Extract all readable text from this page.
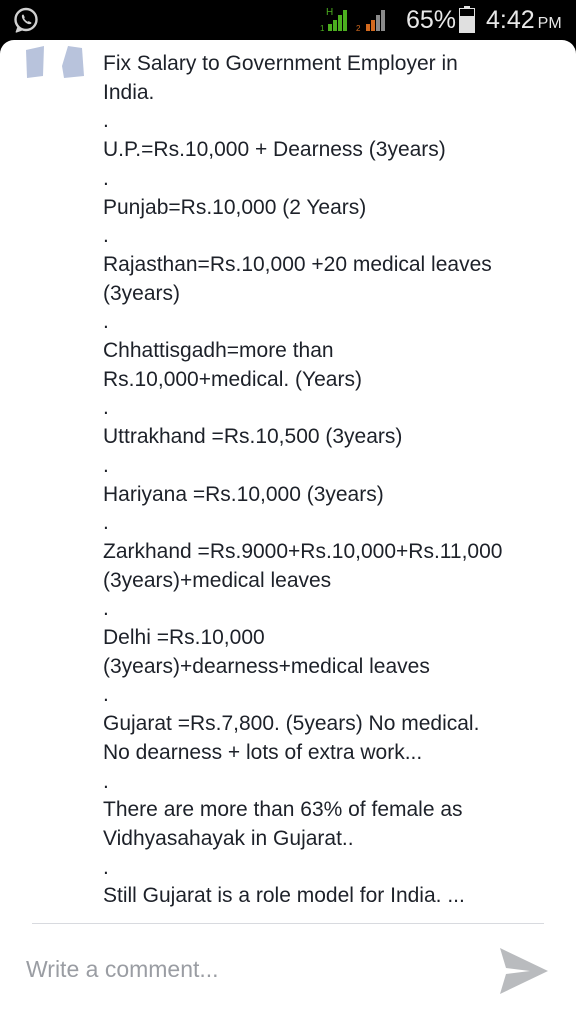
H
1	2 65% 4:42 PM
Fix Salary to Government Employer in
India.
.
U.P.=Rs.10,000 + Dearness (3years)
.
Punjab=Rs.10,000 (2 Years)
.
Rajasthan=Rs.10,000 +20 medical leaves
(3years)
.
Chhattisgadh=more than
Rs.10,000+medical. (Years)
.
Uttrakhand =Rs.10,500 (3years)
.
Hariyana =Rs.10,000 (3years)
.
Zarkhand =Rs.9000+Rs.10,000+Rs.11,000
(3years)+medical leaves
.
Delhi =Rs.10,000
(3years)+dearness+medical leaves
.
Gujarat =Rs.7,800. (5years) No medical.
No dearness + lots of extra work...
.
There are more than 63% of female as
Vidhyasahayak in Gujarat..
.
Still Gujarat is a role model for India. ...
Write a comment...
